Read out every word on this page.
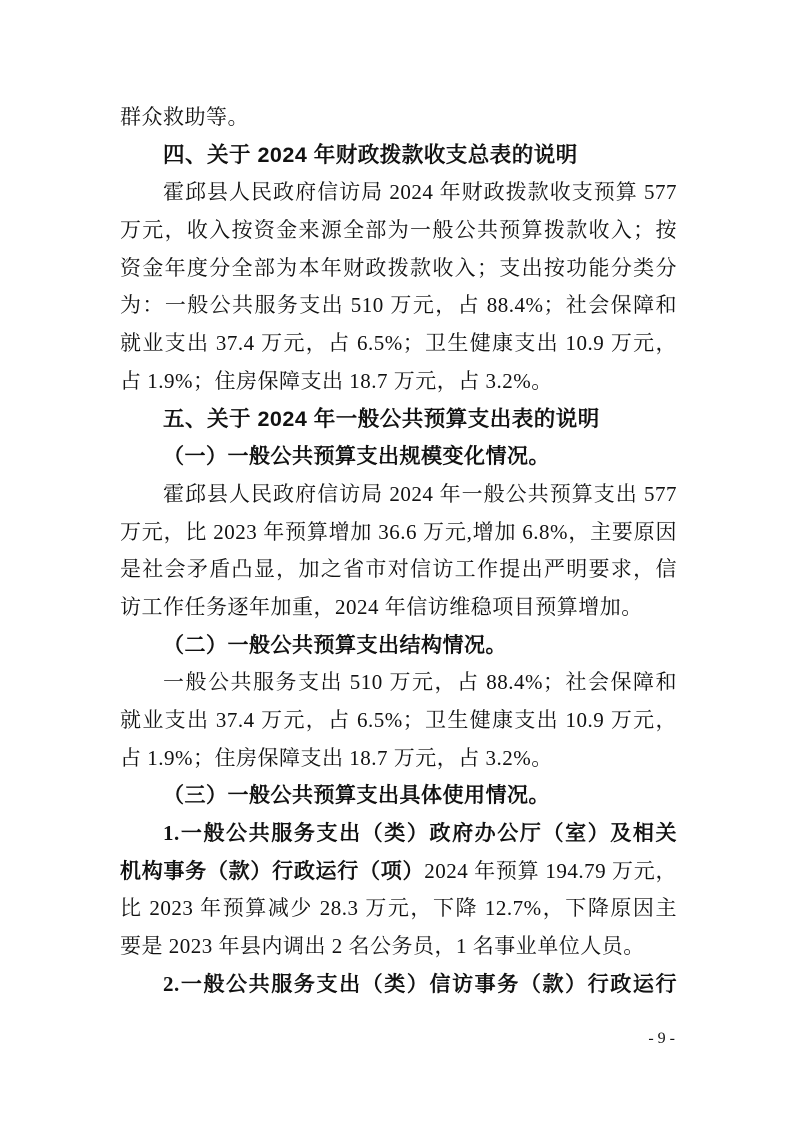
群众救助等。
四、关于 2024 年财政拨款收支总表的说明
霍邱县人民政府信访局 2024 年财政拨款收支预算 577
万元，收入按资金来源全部为一般公共预算拨款收入；按
资金年度分全部为本年财政拨款收入；支出按功能分类分
为：一般公共服务支出 510 万元，占 88.4%；社会保障和
就业支出 37.4 万元，占 6.5%；卫生健康支出 10.9 万元，
占 1.9%；住房保障支出 18.7 万元，占 3.2%。
五、关于 2024 年一般公共预算支出表的说明
（一）一般公共预算支出规模变化情况。
霍邱县人民政府信访局 2024 年一般公共预算支出 577
万元，比 2023 年预算增加 36.6 万元,增加 6.8%，主要原因
是社会矛盾凸显，加之省市对信访工作提出严明要求，信
访工作任务逐年加重，2024 年信访维稳项目预算增加。
（二）一般公共预算支出结构情况。
一般公共服务支出 510 万元，占 88.4%；社会保障和
就业支出 37.4 万元，占 6.5%；卫生健康支出 10.9 万元，
占 1.9%；住房保障支出 18.7 万元，占 3.2%。
（三）一般公共预算支出具体使用情况。
1.一般公共服务支出（类）政府办公厅（室）及相关
机构事务（款）行政运行（项）2024 年预算 194.79 万元，
比 2023 年预算减少 28.3 万元，下降 12.7%，下降原因主
要是 2023 年县内调出 2 名公务员，1 名事业单位人员。
2.一般公共服务支出（类）信访事务（款）行政运行
- 9 -
